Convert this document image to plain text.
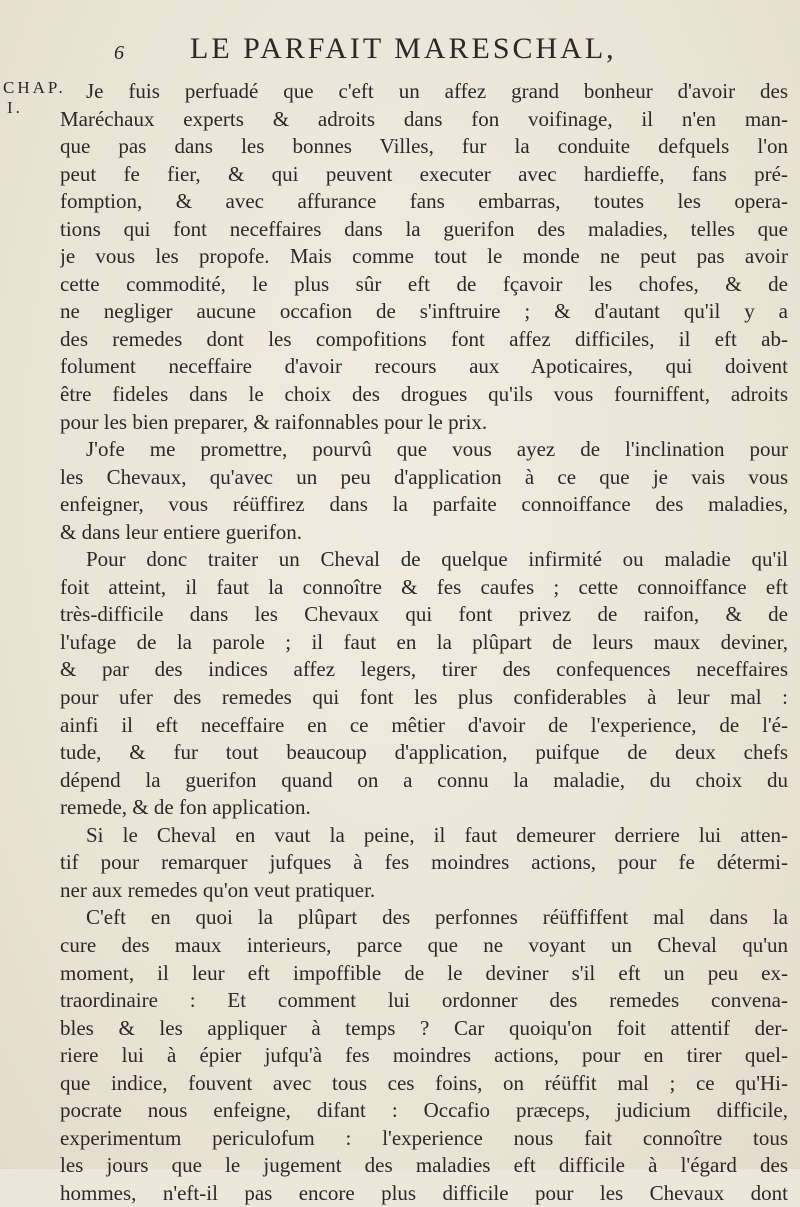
6 LE PARFAIT MARESCHAL,
CHAP.
I.
Je fuis perfuadé que c'eft un affez grand bonheur d'avoir des
Maréchaux experts & adroits dans fon voifinage, il n'en man-
que pas dans les bonnes Villes, fur la conduite defquels l'on
peut fe fier, & qui peuvent executer avec hardieffe, fans pré-
fomption, & avec affurance fans embarras, toutes les opera-
tions qui font neceffaires dans la guerifon des maladies, telles que
je vous les propofe. Mais comme tout le monde ne peut pas avoir
cette commodité, le plus sûr eft de fçavoir les chofes, & de
ne negliger aucune occafion de s'inftruire ; & d'autant qu'il y a
des remedes dont les compofitions font affez difficiles, il eft ab-
folument neceffaire d'avoir recours aux Apoticaires, qui doivent
être fideles dans le choix des drogues qu'ils vous fourniffent, adroits
pour les bien preparer, & raifonnables pour le prix.
J'ofe me promettre, pourvû que vous ayez de l'inclination pour
les Chevaux, qu'avec un peu d'application à ce que je vais vous
enfeigner, vous réüffirez dans la parfaite connoiffance des maladies,
& dans leur entiere guerifon.
Pour donc traiter un Cheval de quelque infirmité ou maladie qu'il
foit atteint, il faut la connoître & fes caufes ; cette connoiffance eft
très-difficile dans les Chevaux qui font privez de raifon, & de
l'ufage de la parole ; il faut en la plûpart de leurs maux deviner,
& par des indices affez legers, tirer des confequences neceffaires
pour ufer des remedes qui font les plus confiderables à leur mal :
ainfi il eft neceffaire en ce mêtier d'avoir de l'experience, de l'é-
tude, & fur tout beaucoup d'application, puifque de deux chefs
dépend la guerifon quand on a connu la maladie, du choix du
remede, & de fon application.
Si le Cheval en vaut la peine, il faut demeurer derriere lui atten-
tif pour remarquer jufques à fes moindres actions, pour fe détermi-
ner aux remedes qu'on veut pratiquer.
C'eft en quoi la plûpart des perfonnes réüffiffent mal dans la
cure des maux interieurs, parce que ne voyant un Cheval qu'un
moment, il leur eft impoffible de le deviner s'il eft un peu ex-
traordinaire : Et comment lui ordonner des remedes convena-
bles & les appliquer à temps ? Car quoiqu'on foit attentif der-
riere lui à épier jufqu'à fes moindres actions, pour en tirer quel-
que indice, fouvent avec tous ces foins, on réüffit mal ; ce qu'Hi-
pocrate nous enfeigne, difant : Occafio præceps, judicium difficile,
experimentum periculofum : l'experience nous fait connoître tous
les jours que le jugement des maladies eft difficile à l'égard des
hommes, n'eft-il pas encore plus difficile pour les Chevaux dont
